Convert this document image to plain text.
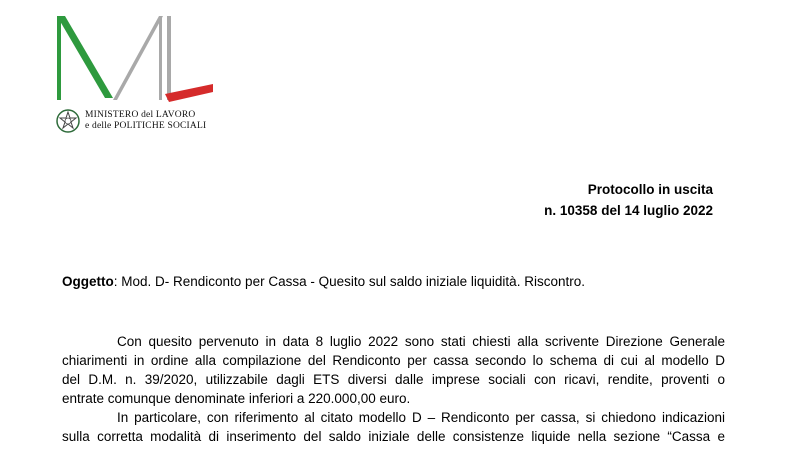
MINISTERO del LAVORO
e delle POLITICHE SOCIALI
Protocollo in uscita
n. 10358 del 14 luglio 2022
Oggetto: Mod. D- Rendiconto per Cassa - Quesito sul saldo iniziale liquidità. Riscontro.

Con quesito pervenuto in data 8 luglio 2022 sono stati chiesti alla scrivente Direzione Generale
chiarimenti in ordine alla compilazione del Rendiconto per cassa secondo lo schema di cui al modello D
del D.M. n. 39/2020, utilizzabile dagli ETS diversi dalle imprese sociali con ricavi, rendite, proventi o
entrate comunque denominate inferiori a 220.000,00 euro.

In particolare, con riferimento al citato modello D – Rendiconto per cassa, si chiedono indicazioni
sulla corretta modalità di inserimento del saldo iniziale delle consistenze liquide nella sezione “Cassa e
